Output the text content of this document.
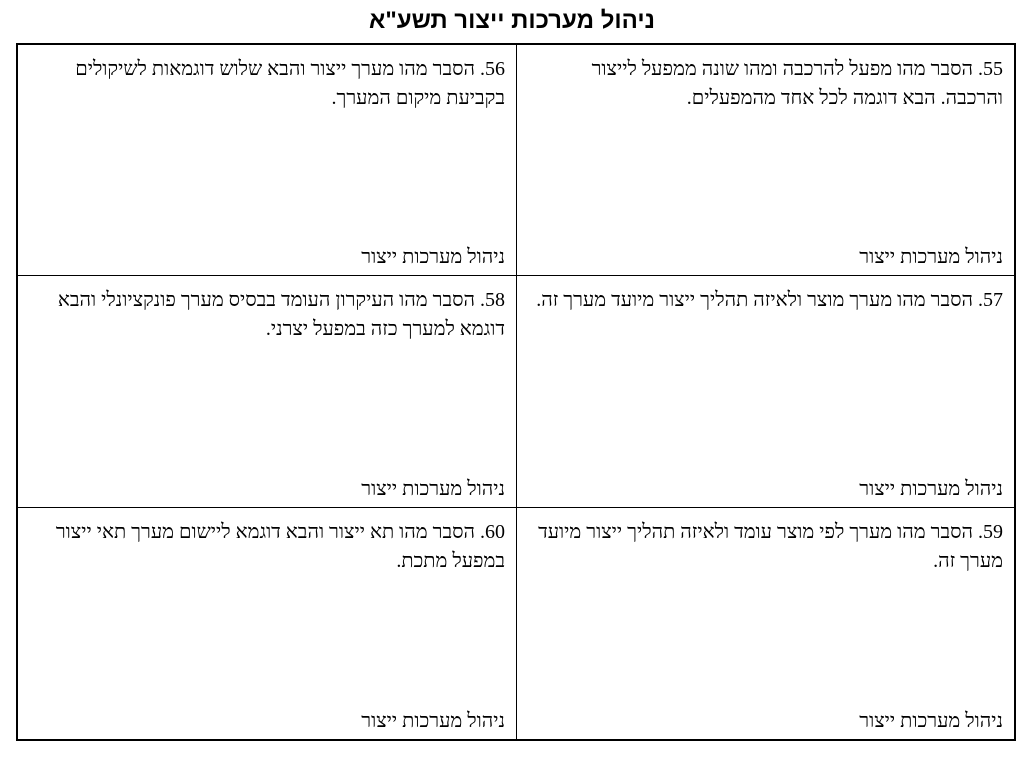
ניהול מערכות ייצור תשע"א
55. הסבר מהו מפעל להרכבה ומהו שונה ממפעל לייצור והרכבה. הבא דוגמה לכל אחד מהמפעלים.
ניהול מערכות ייצור
56. הסבר מהו מערך ייצור והבא שלוש דוגמאות לשיקולים בקביעת מיקום המערך.
ניהול מערכות ייצור
57. הסבר מהו מערך מוצר ולאיזה תהליך ייצור מיועד מערך זה.
ניהול מערכות ייצור
58. הסבר מהו העיקרון העומד בבסיס מערך פונקציונלי והבא דוגמא למערך כזה במפעל יצרני.
ניהול מערכות ייצור
59. הסבר מהו מערך לפי מוצר עומד ולאיזה תהליך ייצור מיועד מערך זה.
ניהול מערכות ייצור
60. הסבר מהו תא ייצור והבא דוגמא ליישום מערך תאי ייצור במפעל מתכת.
ניהול מערכות ייצור
